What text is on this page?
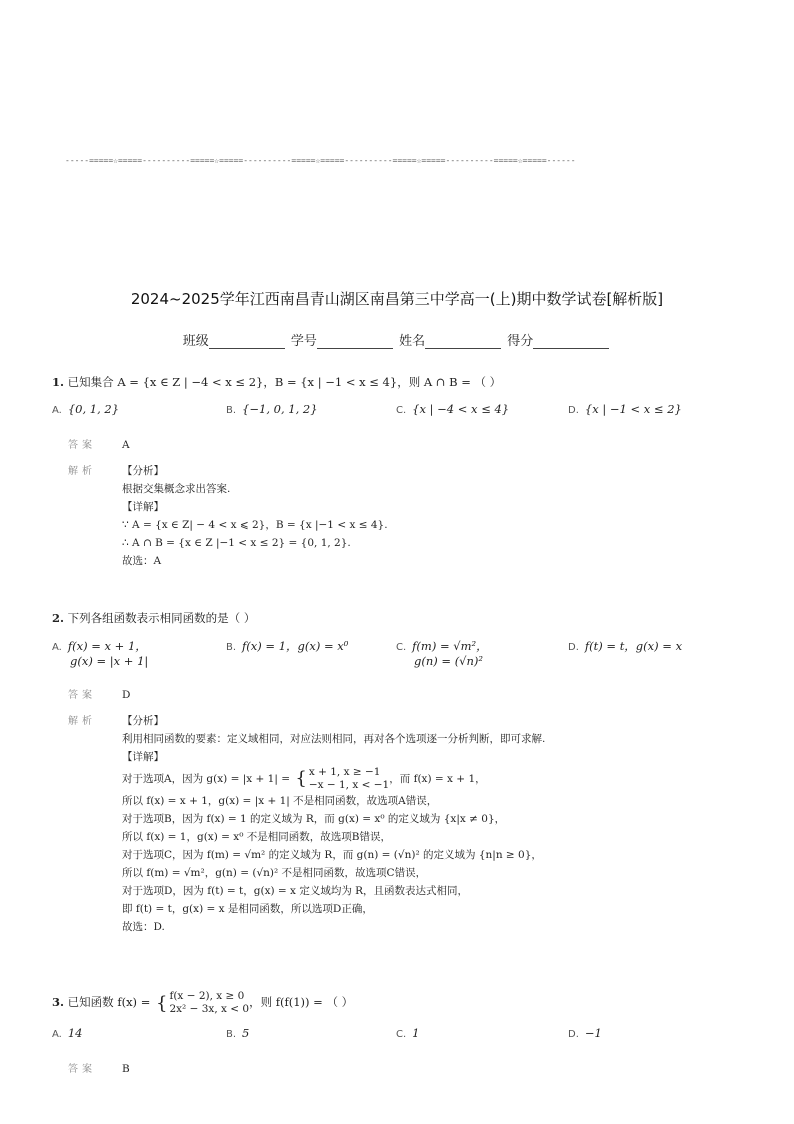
-----=====☆=====----------=====☆=====----------=====☆=====----------=====☆=====----------=====☆=====------
2024~2025学年江西南昌青山湖区南昌第三中学高一(上)期中数学试卷[解析版]
班级	学号	姓名	得分
1. 已知集合 A = {x ∈ Z | −4 < x ≤ 2}，B = {x | −1 < x ≤ 4}，则 A ∩ B = （ ）
A. {0, 1, 2}	B. {−1, 0, 1, 2}	C. {x | −4 < x ≤ 4}	D. {x | −1 < x ≤ 2}
答案 A
解析 【分析】
根据交集概念求出答案.
【详解】
∵ A = {x ∈ Z| − 4 < x ⩽ 2}，B = {x |−1 < x ≤ 4}.
∴ A ∩ B = {x ∈ Z |−1 < x ≤ 2} = {0, 1, 2}.
故选：A
2. 下列各组函数表示相同函数的是（ ）
A. f(x) = x + 1，
g(x) = |x + 1|
B. f(x) = 1，g(x) = x⁰	C. f(m) = √m²，
g(n) = (√n)²
D. f(t) = t，g(x) = x
答案 D
解析 【分析】
利用相同函数的要素：定义域相同，对应法则相同，再对各个选项逐一分析判断，即可求解.
【详解】
对于选项A，因为 g(x) = |x + 1| = { x + 1, x ≥ −1
−x − 1, x < −1，而 f(x) = x + 1，
所以 f(x) = x + 1，g(x) = |x + 1| 不是相同函数，故选项A错误，
对于选项B，因为 f(x) = 1 的定义域为 R，而 g(x) = x⁰ 的定义域为 {x|x ≠ 0}，
所以 f(x) = 1，g(x) = x⁰ 不是相同函数，故选项B错误，
对于选项C，因为 f(m) = √m² 的定义域为 R，而 g(n) = (√n)² 的定义域为 {n|n ≥ 0}，
所以 f(m) = √m²，g(n) = (√n)² 不是相同函数，故选项C错误，
对于选项D，因为 f(t) = t，g(x) = x 定义域均为 R，且函数表达式相同，
即 f(t) = t，g(x) = x 是相同函数，所以选项D正确，
故选：D.
3. 已知函数 f(x) = { f(x − 2), x ≥ 0
2x² − 3x, x < 0，则 f(f(1)) = （ ）
A. 14	B. 5	C. 1	D. −1
答案 B
